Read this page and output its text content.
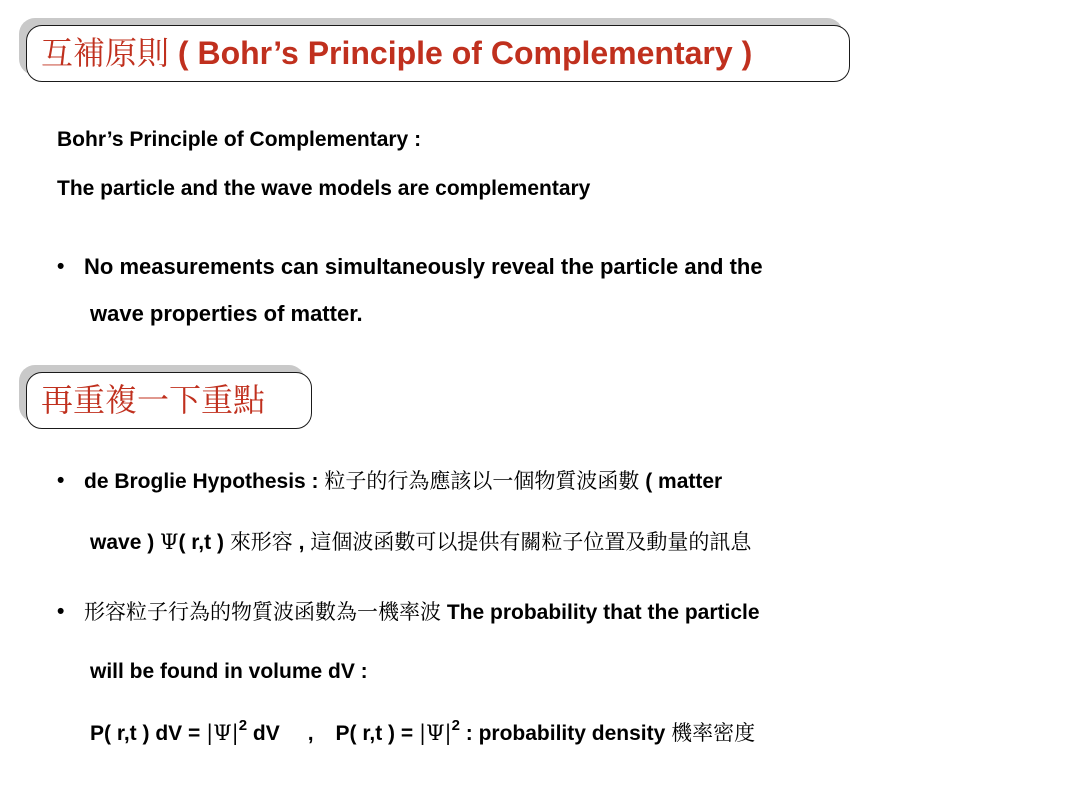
互補原則 ( Bohr’s Principle of Complementary )
Bohr’s Principle of Complementary :
The particle and the wave models are complementary
• No measurements can simultaneously reveal the particle and the
wave properties of matter.
再重複一下重點
• de Broglie Hypothesis : 粒子的行為應該以一個物質波函數 ( matter
wave ) Ψ( r,t ) 來形容 , 這個波函數可以提供有關粒子位置及動量的訊息
• 形容粒子行為的物質波函數為一機率波 The probability that the particle
will be found in volume dV :
P( r,t ) dV = $|\Psi|^2$ dV , P( r,t ) = $|\Psi|^2$ : probability density 機率密度
